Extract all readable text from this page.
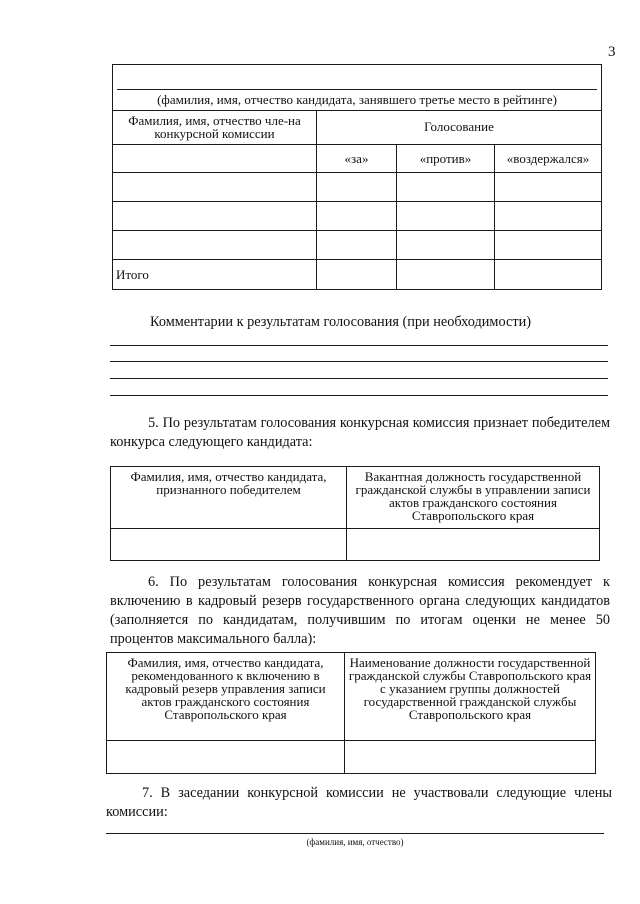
3
(фамилия, имя, отчество кандидата, занявшего третье место в рейтинге)			

Фамилия, имя, отчество чле-на конкурсной комиссии	Голосование		
	«за»	«против»	«воздержался»

Итого			
Комментарии к результатам голосования (при необходимости)
5. По результатам голосования конкурсная комиссия признает победителем конкурса следующего кандидата:
Фамилия, имя, отчество кандидата, признанного победителем	Вакантная должность государственной гражданской службы в управлении записи актов гражданского состояния Ставропольского края

6. По результатам голосования конкурсная комиссия рекомендует к включению в кадровый резерв государственного органа следующих кандидатов (заполняется по кандидатам, получившим по итогам оценки не менее 50 процентов максимального балла):
Фамилия, имя, отчество кандидата, рекомендованного к включению в кадровый резерв управления записи актов гражданского состояния Ставропольского края	Наименование должности государственной гражданской службы Ставропольского края с указанием группы должностей государственной гражданской службы Ставропольского края

7. В заседании конкурсной комиссии не участвовали следующие члены комиссии:
(фамилия, имя, отчество)
